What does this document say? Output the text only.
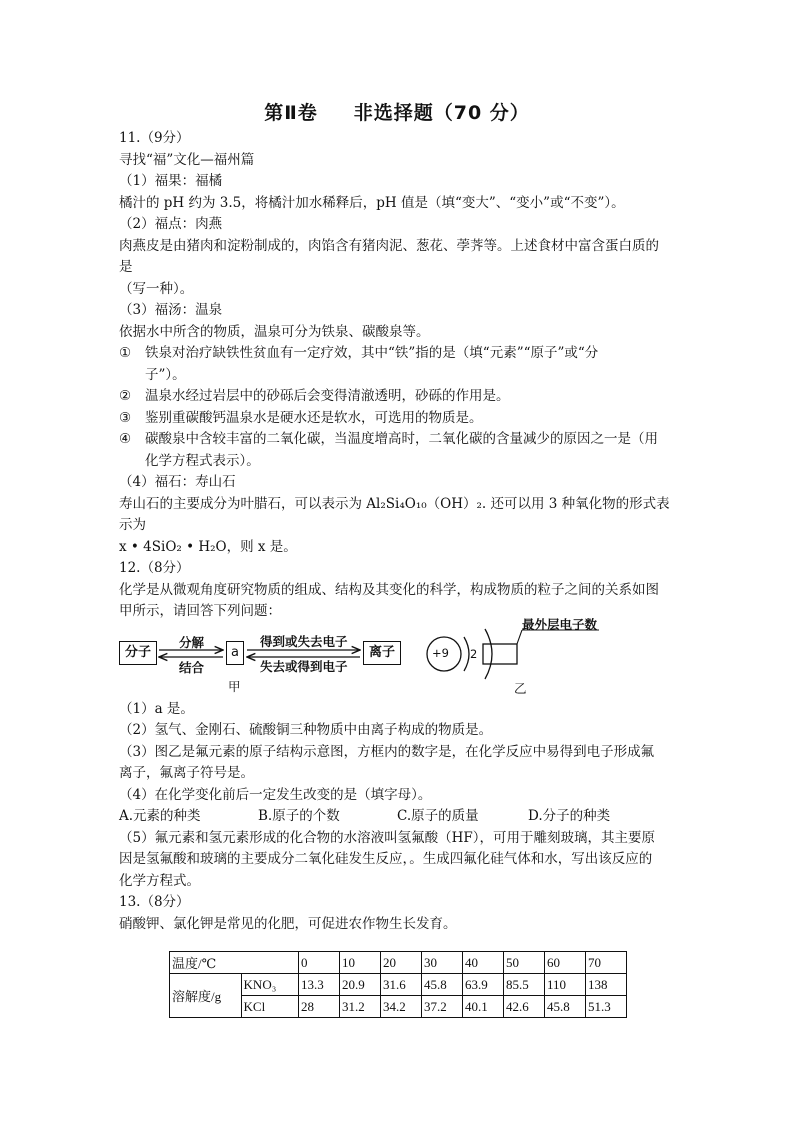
第Ⅱ卷 非选择题（70 分）
11.（9分）
寻找“福”文化—福州篇
（1）福果：福橘
橘汁的 pH 约为 3.5，将橘汁加水稀释后，pH 值是（填“变大”、“变小”或“不变”）。
（2）福点：肉燕
肉燕皮是由猪肉和淀粉制成的，肉馅含有猪肉泥、葱花、荸荠等。上述食材中富含蛋白质的
是
（写一种）。
（3）福汤：温泉
依据水中所含的物质，温泉可分为铁泉、碳酸泉等。
① 铁泉对治疗缺铁性贫血有一定疗效，其中“铁”指的是（填“元素”“原子”或“分
子”）。
② 温泉水经过岩层中的砂砾后会变得清澈透明，砂砾的作用是。
③ 鉴别重碳酸钙温泉水是硬水还是软水，可选用的物质是。
④ 碳酸泉中含较丰富的二氧化碳，当温度增高时，二氧化碳的含量减少的原因之一是（用
化学方程式表示）。
（4）福石：寿山石
寿山石的主要成分为叶腊石，可以表示为 Al₂Si₄O₁₀（OH）₂. 还可以用 3 种氧化物的形式表
示为
x • 4SiO₂ • H₂O，则 x 是。
12.（8分）
化学是从微观角度研究物质的组成、结构及其变化的科学，构成物质的粒子之间的关系如图
甲所示，请回答下列问题：
分子	a	离子
分解
结合
得到或失去电子
失去或得到电子
甲
+9 2
最外层电子数
乙
（1）a 是。
（2）氢气、金刚石、硫酸铜三种物质中由离子构成的物质是。
（3）图乙是氟元素的原子结构示意图，方框内的数字是，在化学反应中易得到电子形成氟
离子，氟离子符号是。
（4）在化学变化前后一定发生改变的是（填字母）。
A.元素的种类	B.原子的个数	C.原子的质量	D.分子的种类
（5）氟元素和氢元素形成的化合物的水溶液叫氢氟酸（HF），可用于雕刻玻璃，其主要原
因是氢氟酸和玻璃的主要成分二氧化硅发生反应，。生成四氟化硅气体和水，写出该反应的
化学方程式。
13.（8分）
硝酸钾、氯化钾是常见的化肥，可促进农作物生长发育。
温度/℃		0	10	20	30	40	50	60	70
溶解度/g	KNO₃	13.3	20.9	31.6	45.8	63.9	85.5	110	138
	KCl	28	31.2	34.2	37.2	40.1	42.6	45.8	51.3
